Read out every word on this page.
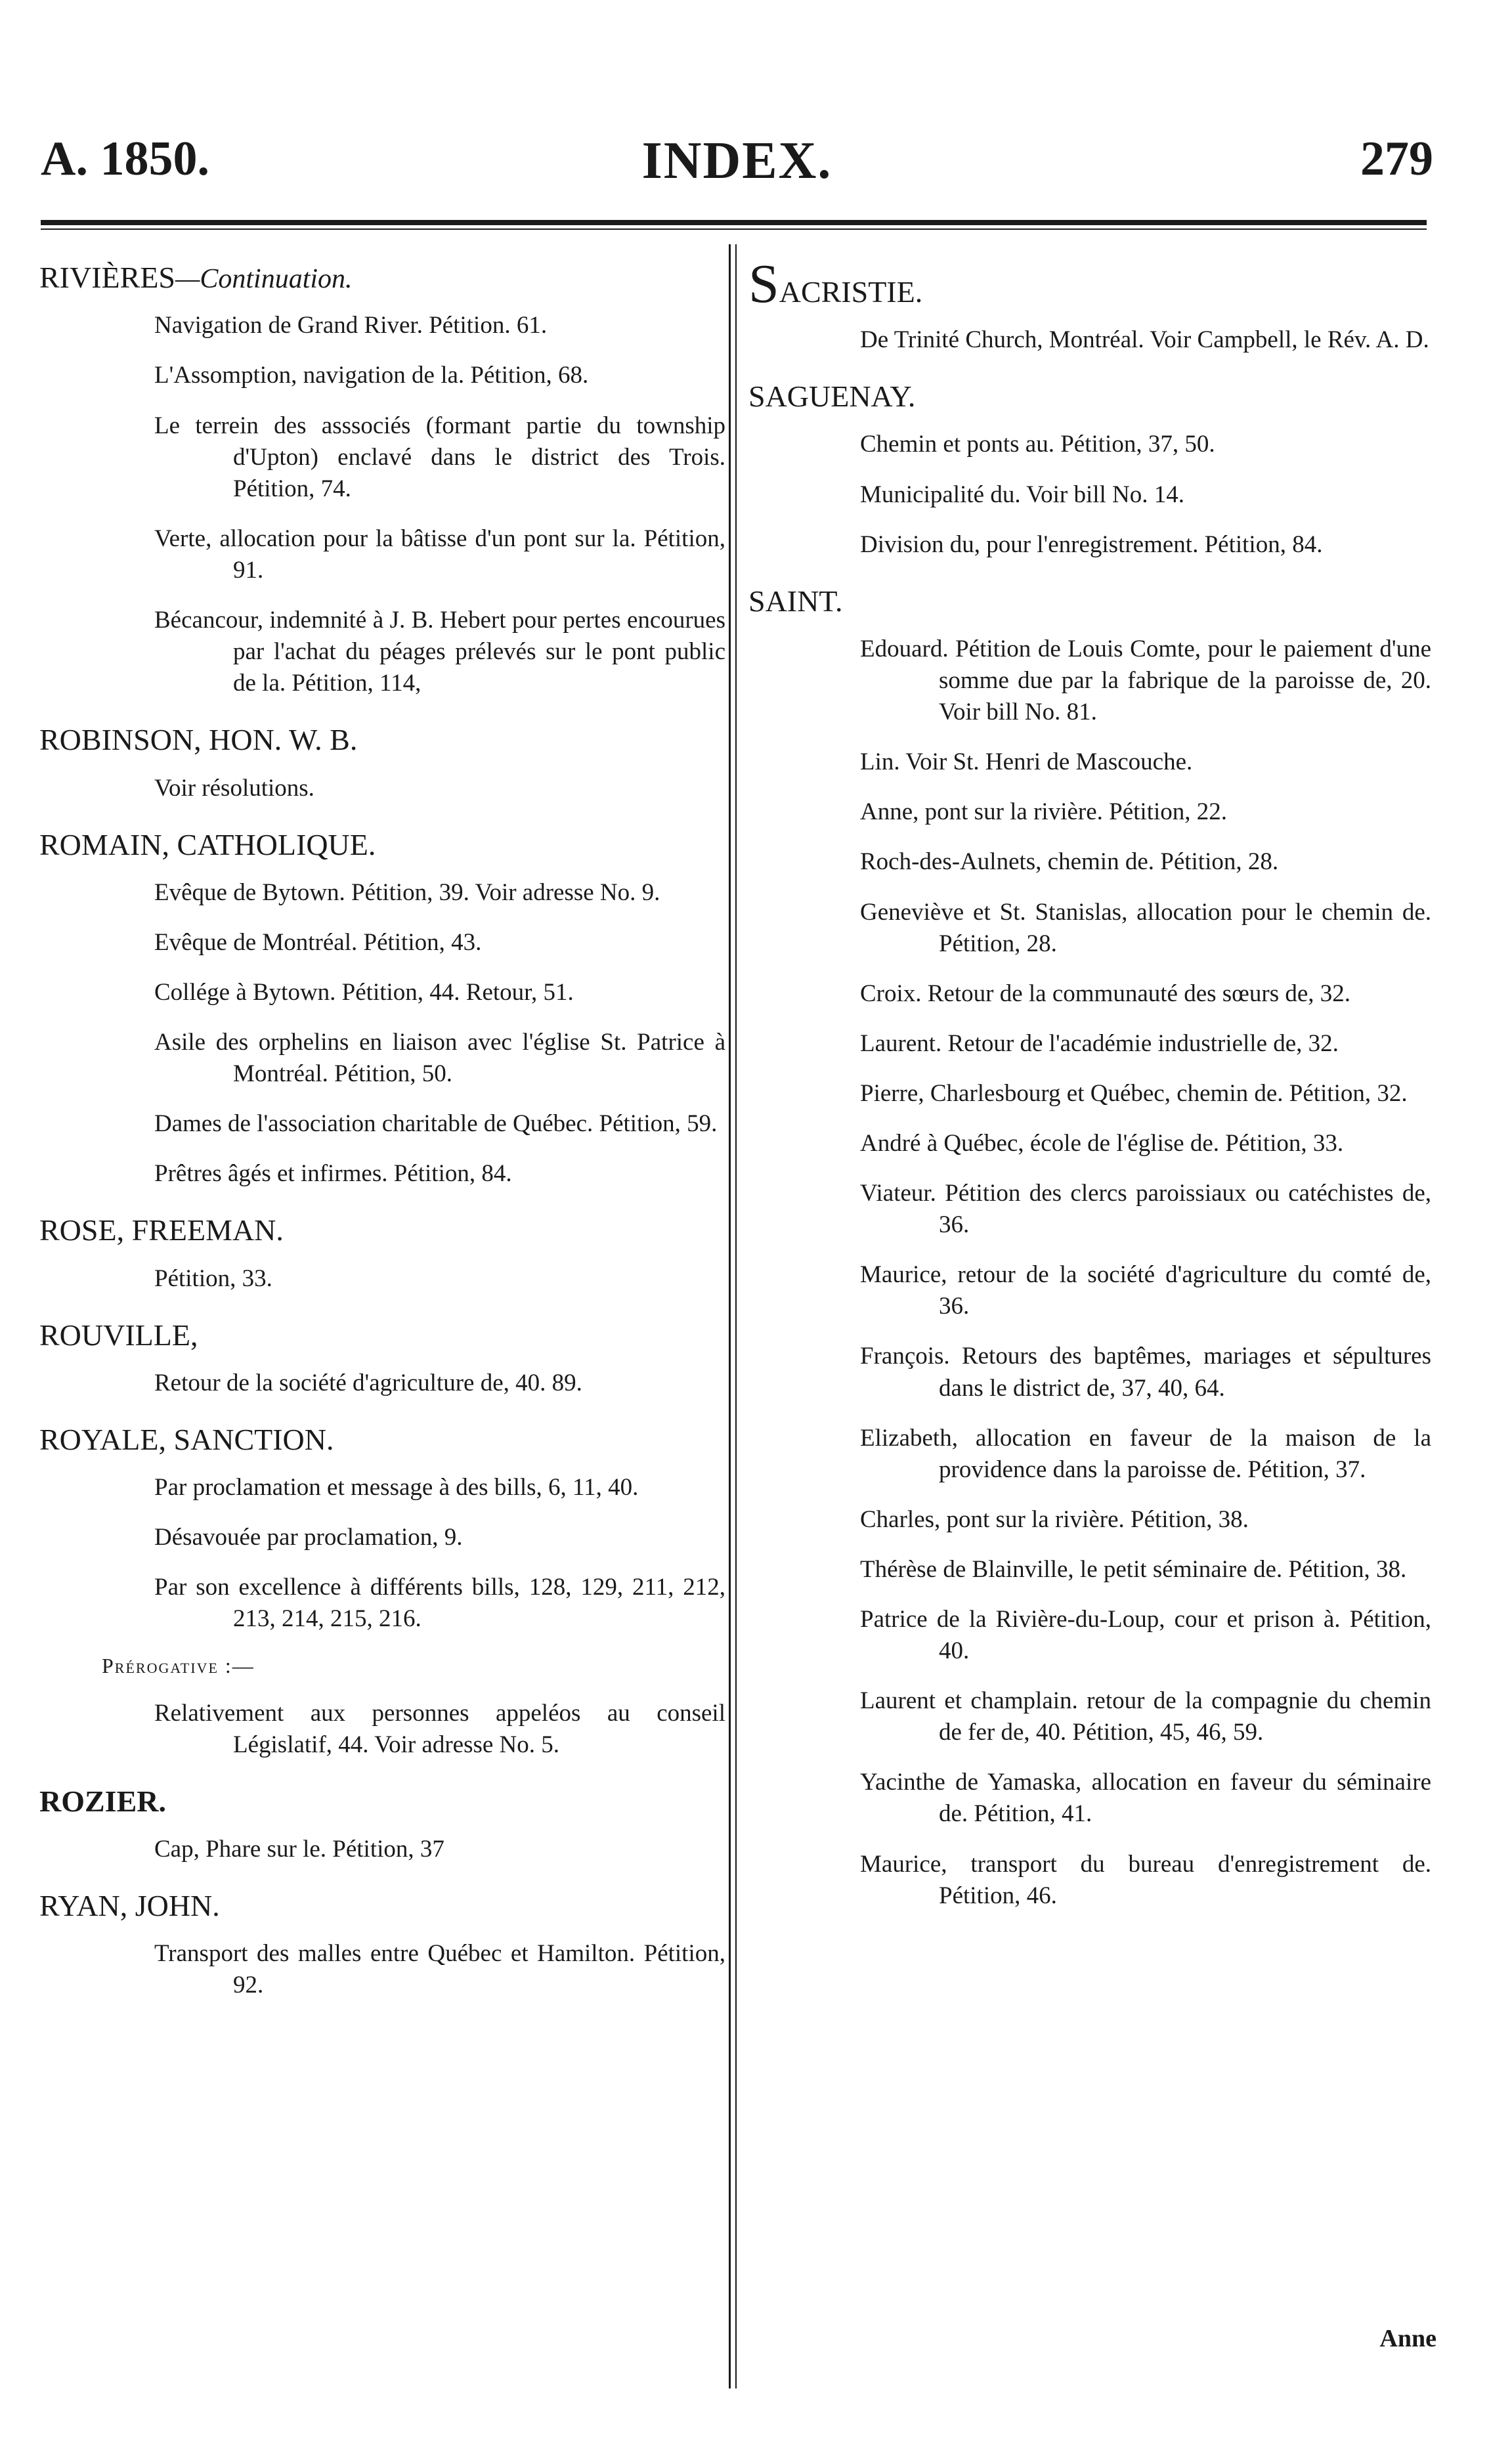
A. 1850.	INDEX.	279
RIVIÈRES—Continuation.
Navigation de Grand River. Pétition. 61.
L'Assomption, navigation de la. Pétition, 68.
Le terrein des asssociés (formant partie du township d'Upton) enclavé dans le district des Trois. Pétition, 74.
Verte, allocation pour la bâtisse d'un pont sur la. Pétition, 91.
Bécancour, indemnité à J. B. Hebert pour pertes encourues par l'achat du péages prélevés sur le pont public de la. Pétition, 114,
ROBINSON, HON. W. B.
Voir résolutions.
ROMAIN, CATHOLIQUE.
Evêque de Bytown. Pétition, 39. Voir adresse No. 9.
Evêque de Montréal. Pétition, 43.
Collége à Bytown. Pétition, 44. Retour, 51.
Asile des orphelins en liaison avec l'église St. Patrice à Montréal. Pétition, 50.
Dames de l'association charitable de Québec. Pétition, 59.
Prêtres âgés et infirmes. Pétition, 84.
ROSE, FREEMAN.
Pétition, 33.
ROUVILLE,
Retour de la société d'agriculture de, 40. 89.
ROYALE, SANCTION.
Par proclamation et message à des bills, 6, 11, 40.
Désavouée par proclamation, 9.
Par son excellence à différents bills, 128, 129, 211, 212, 213, 214, 215, 216.
Prérogative :—
Relativement aux personnes appeléos au conseil Législatif, 44. Voir adresse No. 5.
ROZIER.
Cap, Phare sur le. Pétition, 37
RYAN, JOHN.
Transport des malles entre Québec et Hamilton. Pétition, 92.
SACRISTIE.
De Trinité Church, Montréal. Voir Campbell, le Rév. A. D.
SAGUENAY.
Chemin et ponts au. Pétition, 37, 50.
Municipalité du. Voir bill No. 14.
Division du, pour l'enregistrement. Pétition, 84.
SAINT.
Edouard. Pétition de Louis Comte, pour le paiement d'une somme due par la fabrique de la paroisse de, 20. Voir bill No. 81.
Lin. Voir St. Henri de Mascouche.
Anne, pont sur la rivière. Pétition, 22.
Roch-des-Aulnets, chemin de. Pétition, 28.
Geneviève et St. Stanislas, allocation pour le chemin de. Pétition, 28.
Croix. Retour de la communauté des sœurs de, 32.
Laurent. Retour de l'académie industrielle de, 32.
Pierre, Charlesbourg et Québec, chemin de. Pétition, 32.
André à Québec, école de l'église de. Pétition, 33.
Viateur. Pétition des clercs paroissiaux ou catéchistes de, 36.
Maurice, retour de la société d'agriculture du comté de, 36.
François. Retours des baptêmes, mariages et sépultures dans le district de, 37, 40, 64.
Elizabeth, allocation en faveur de la maison de la providence dans la paroisse de. Pétition, 37.
Charles, pont sur la rivière. Pétition, 38.
Thérèse de Blainville, le petit séminaire de. Pétition, 38.
Patrice de la Rivière-du-Loup, cour et prison à. Pétition, 40.
Laurent et champlain. retour de la compagnie du chemin de fer de, 40. Pétition, 45, 46, 59.
Yacinthe de Yamaska, allocation en faveur du séminaire de. Pétition, 41.
Maurice, transport du bureau d'enregistrement de. Pétition, 46.
Anne
